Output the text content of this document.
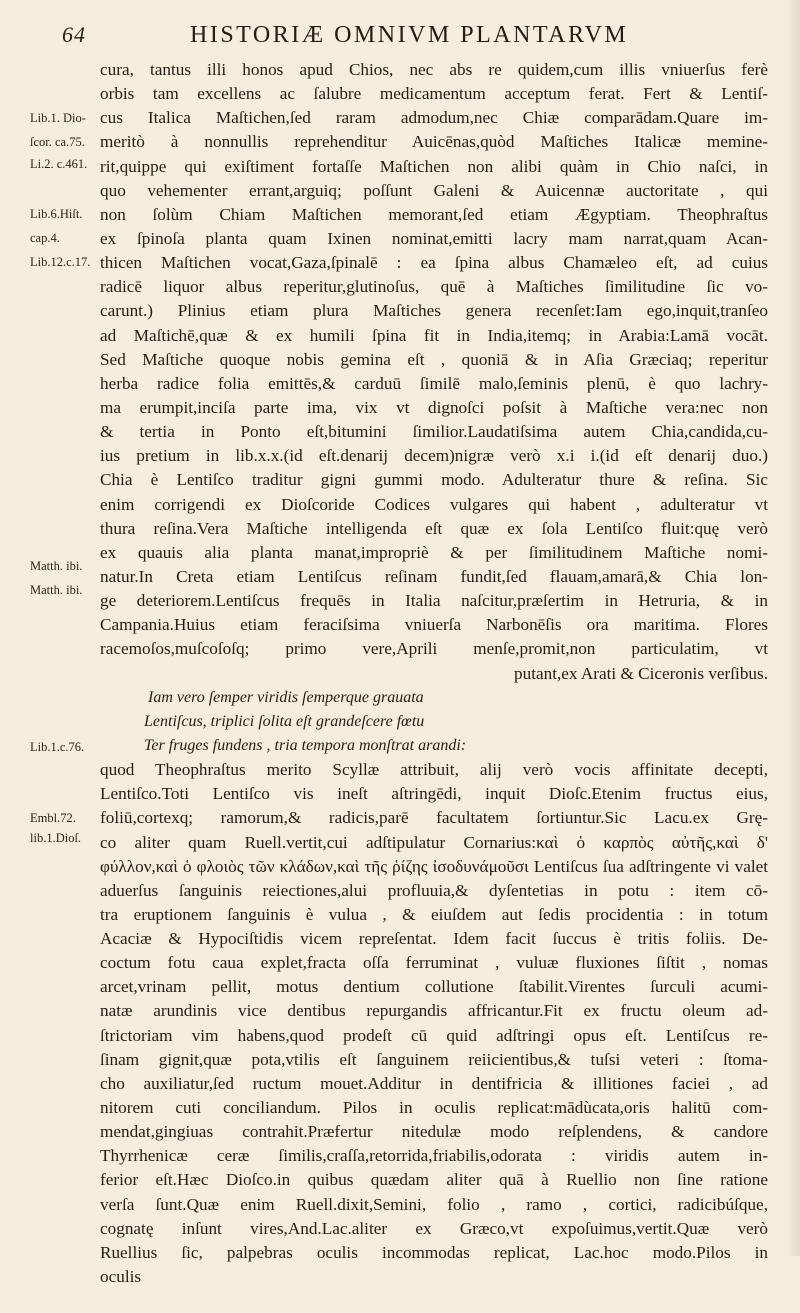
64	HISTORIÆ OMNIVM PLANTARVM
cura, tantus illi honos apud Chios, nec abs re quidem,cum illis vniuerſus ferè
orbis tam excellens ac ſalubre medicamentum acceptum ferat. Fert & Lentiſ-
cus Italica Maſtichen,ſed raram admodum,nec Chiæ comparādam.Quare im-
meritò à nonnullis reprehenditur Auicēnas,quòd Maſtiches Italicæ memine-
rit,quippe qui exiſtiment fortaſſe Maſtichen non alibi quàm in Chio naſci, in
quo vehementer errant,arguiq; poſſunt Galeni & Auicennæ auctoritate , qui
non ſolùm Chiam Maſtichen memorant,ſed etiam Ægyptiam. Theophraſtus
ex ſpinoſa planta quam Ixinen nominat,emitti lacry mam narrat,quam Acan-
thicen Maſtichen vocat,Gaza,ſpinalē : ea ſpina albus Chamæleo eſt, ad cuius
radicē liquor albus reperitur,glutinoſus, quē à Maſtiches ſimilitudine ſic vo-
carunt.) Plinius etiam plura Maſtiches genera recenſet:Iam ego,inquit,tranſeo
ad Maſtichē,quæ & ex humili ſpina fit in India,itemq; in Arabia:Lamā vocāt.
Sed Maſtiche quoque nobis gemina eſt , quoniā & in Aſia Græciaq; reperitur
herba radice folia emittēs,& carduū ſimilē malo,ſeminis plenū, è quo lachry-
ma erumpit,inciſa parte ima, vix vt dignoſci poſsit à Maſtiche vera:nec non
& tertia in Ponto eſt,bitumini ſimilior.Laudatiſsima autem Chia,candida,cu-
ius pretium in lib.x.x.(id eſt.denarij decem)nigræ verò x.i i.(id eſt denarij duo.)
Chia è Lentiſco traditur gigni gummi modo. Adulteratur thure & reſina. Sic
enim corrigendi ex Dioſcoride Codices vulgares qui habent , adulteratur vt
thura reſina.Vera Maſtiche intelligenda eſt quæ ex ſola Lentiſco fluit:quę verò
ex quauis alia planta manat,impropriè & per ſimilitudinem Maſtiche nomi-
natur.In Creta etiam Lentiſcus reſinam fundit,ſed flauam,amarā,& Chia lon-
ge deteriorem.Lentiſcus frequēs in Italia naſcitur,præſertim in Hetruria, & in
Campania.Huius etiam feraciſsima vniuerſa Narbonēſis ora maritima. Flores
racemoſos,muſcoſoſq; primo vere,Aprili menſe,promit,non particulatim, vt
putant,ex Arati & Ciceronis verſibus.
Iam vero ſemper viridis ſemperque grauata
Lentiſcus, triplici ſolita eſt grandeſcere fœtu
Ter fruges fundens , tria tempora monſtrat arandi:
quod Theophraſtus merito Scyllæ attribuit, alij verò vocis affinitate decepti,
Lentiſco.Toti Lentiſco vis ineſt aſtringēdi, inquit Dioſc.Etenim fructus eius,
foliū,cortexq; ramorum,& radicis,parē facultatem ſortiuntur.Sic Lacu.ex Grę-
co aliter quam Ruell.vertit,cui adſtipulatur Cornarius:καὶ ὁ καρπὸς αὐτῆς,καὶ δ'
φύλλον,καὶ ὁ φλοιὸς τῶν κλάδων,καὶ τῆς ῥίζης ἰσοδυνάμοῦσι Lentiſcus ſua adſtringente vi valet
aduerſus ſanguinis reiectiones,alui profluuia,& dyſentetias in potu : item cō-
tra eruptionem ſanguinis è vulua , & eiuſdem aut ſedis procidentia : in totum
Acaciæ & Hypociſtidis vicem repreſentat. Idem facit ſuccus è tritis foliis. De-
coctum fotu caua explet,fracta oſſa ferruminat , vuluæ fluxiones ſiſtit , nomas
arcet,vrinam pellit, motus dentium collutione ſtabilit.Virentes ſurculi acumi-
natæ arundinis vice dentibus repurgandis affricantur.Fit ex fructu oleum ad-
ſtrictoriam vim habens,quod prodeſt cū quid adſtringi opus eſt. Lentiſcus re-
ſinam gignit,quæ pota,vtilis eſt ſanguinem reiicientibus,& tuſsi veteri : ſtoma-
cho auxiliatur,ſed ructum mouet.Additur in dentifricia & illitiones faciei , ad
nitorem cuti conciliandum. Pilos in oculis replicat:mādùcata,oris halitū com-
mendat,gingiuas contrahit.Præfertur nitedulæ modo reſplendens, & candore
Thyrrhenicæ ceræ ſimilis,craſſa,retorrida,friabilis,odorata : viridis autem in-
ferior eſt.Hæc Dioſco.in quibus quædam aliter quā à Ruellio non ſine ratione
verſa ſunt.Quæ enim Ruell.dixit,Semini, folio , ramo , cortici, radicibúſque,
cognatę inſunt vires,And.Lac.aliter ex Græco,vt expoſuimus,vertit.Quæ verò
Ruellius ſic, palpebras oculis incommodas replicat, Lac.hoc modo.Pilos in
oculis
Lib.1. Dio-
ſcor. ca.75.
Li.2. c.461.
Lib.6.Hiſt.
cap.4.
Lib.12.c.17.
Matth. ibi.
Matth. ibi.
Lib.1.c.76.
Embl.72.
lib.1.Dioſ.
